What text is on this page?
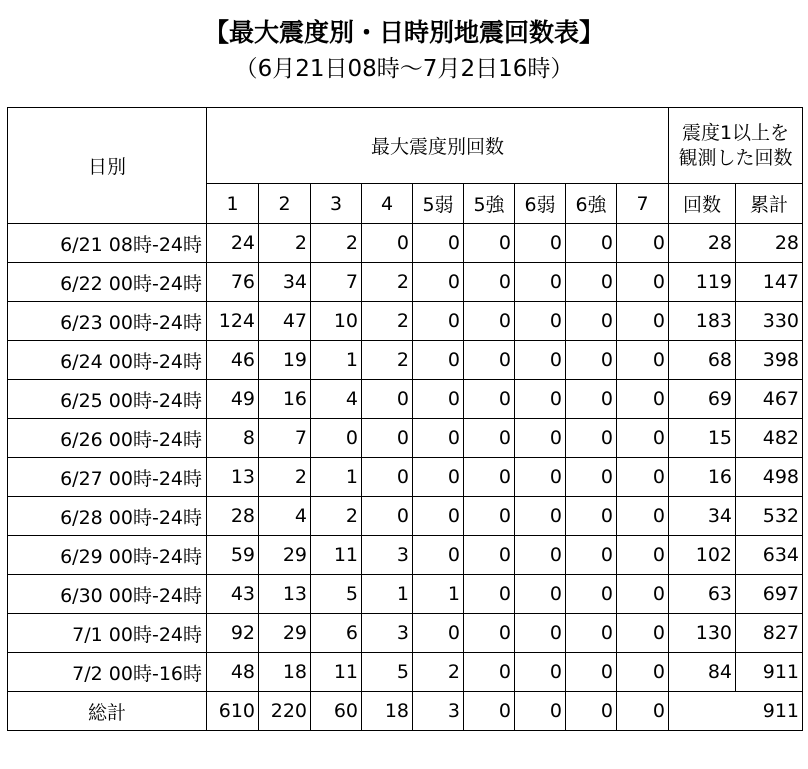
【最大震度別・日時別地震回数表】
（6月21日08時～7月2日16時）
日別	最大震度別回数									震度1以上を
観測した回数	

	1	2	3	4	5弱	5強	6弱	6強	7	回数	累計
6/21 08時-24時	24	2	2	0	0	0	0	0	0	28	28
6/22 00時-24時	76	34	7	2	0	0	0	0	0	119	147
6/23 00時-24時	124	47	10	2	0	0	0	0	0	183	330
6/24 00時-24時	46	19	1	2	0	0	0	0	0	68	398
6/25 00時-24時	49	16	4	0	0	0	0	0	0	69	467
6/26 00時-24時	8	7	0	0	0	0	0	0	0	15	482
6/27 00時-24時	13	2	1	0	0	0	0	0	0	16	498
6/28 00時-24時	28	4	2	0	0	0	0	0	0	34	532
6/29 00時-24時	59	29	11	3	0	0	0	0	0	102	634
6/30 00時-24時	43	13	5	1	1	0	0	0	0	63	697
7/1 00時-24時	92	29	6	3	0	0	0	0	0	130	827
7/2 00時-16時	48	18	11	5	2	0	0	0	0	84	911
総計	610	220	60	18	3	0	0	0	0	911	
